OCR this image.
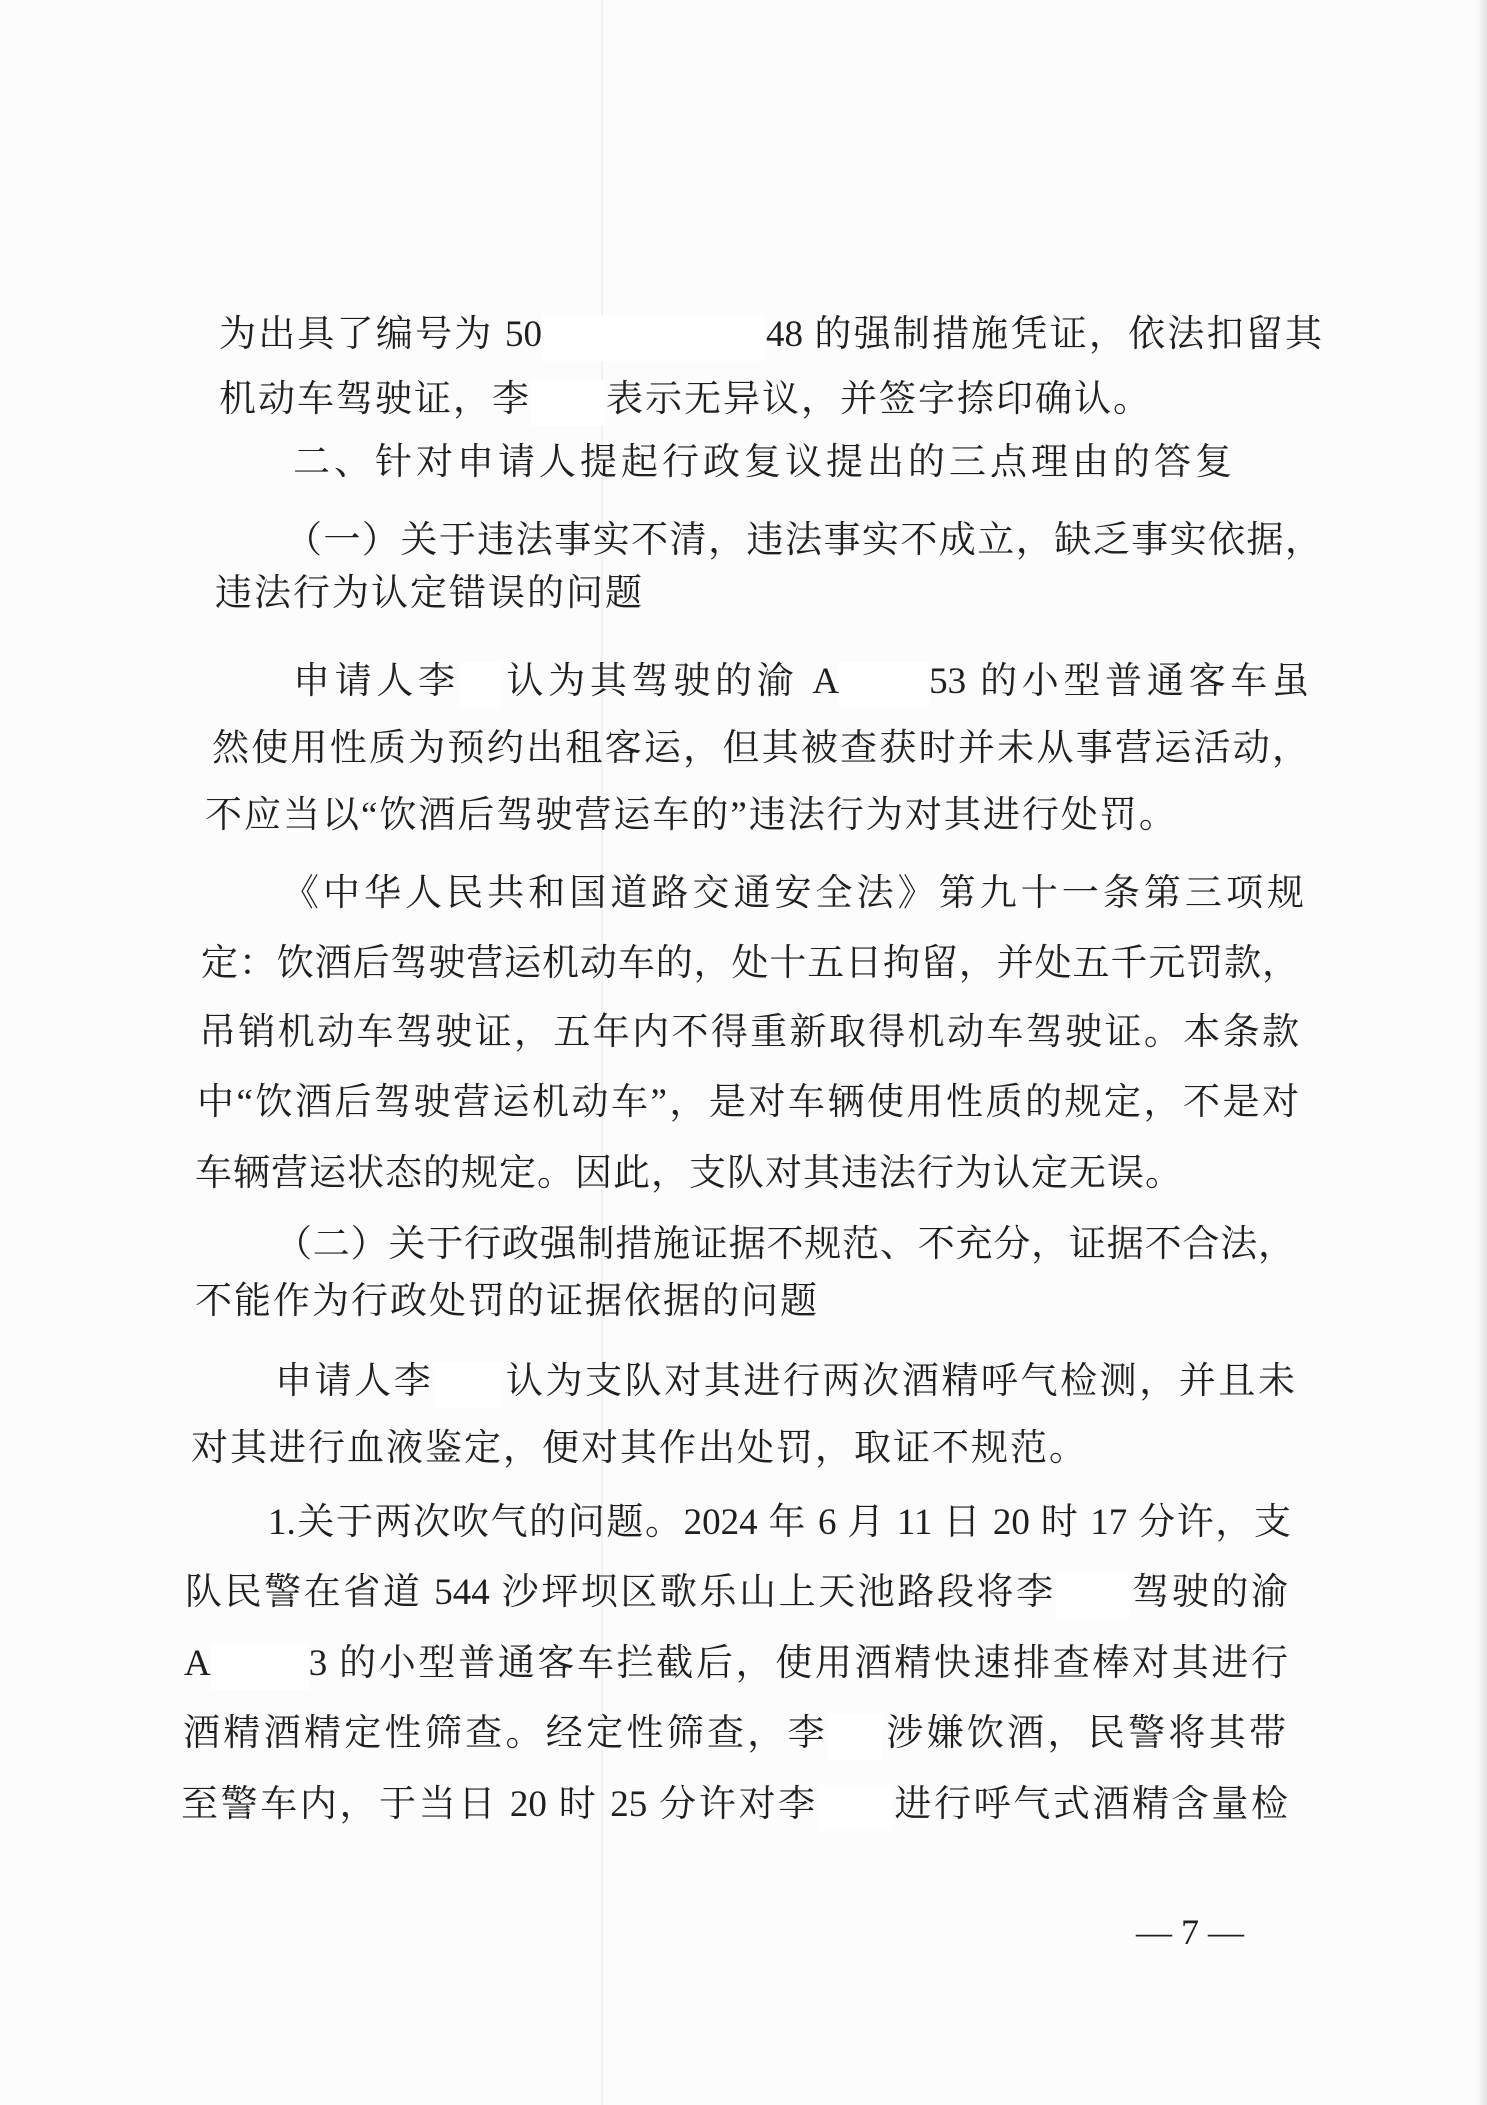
为出具了编号为 50	48 的强制措施凭证，依法扣留其
机动车驾驶证，李 表示无异议，并签字捺印确认。
二、针对申请人提起行政复议提出的三点理由的答复
（一）关于违法事实不清，违法事实不成立，缺乏事实依据，
违法行为认定错误的问题
申请人李 认为其驾驶的渝 A 53 的小型普通客车虽
然使用性质为预约出租客运，但其被查获时并未从事营运活动，
不应当以“饮酒后驾驶营运车的”违法行为对其进行处罚。
《中华人民共和国道路交通安全法》第九十一条第三项规
定：饮酒后驾驶营运机动车的，处十五日拘留，并处五千元罚款，
吊销机动车驾驶证，五年内不得重新取得机动车驾驶证。本条款
中“饮酒后驾驶营运机动车”，是对车辆使用性质的规定，不是对
车辆营运状态的规定。因此，支队对其违法行为认定无误。
（二）关于行政强制措施证据不规范、不充分，证据不合法，
不能作为行政处罚的证据依据的问题
申请人李 认为支队对其进行两次酒精呼气检测，并且未
对其进行血液鉴定，便对其作出处罚，取证不规范。
1.关于两次吹气的问题。2024 年 6 月 11 日 20 时 17 分许，支
队民警在省道 544 沙坪坝区歌乐山上天池路段将李 驾驶的渝
A	3 的小型普通客车拦截后，使用酒精快速排查棒对其进行
酒精酒精定性筛查。经定性筛查，李 涉嫌饮酒，民警将其带
至警车内，于当日 20 时 25 分许对李 进行呼气式酒精含量检
— 7 —
